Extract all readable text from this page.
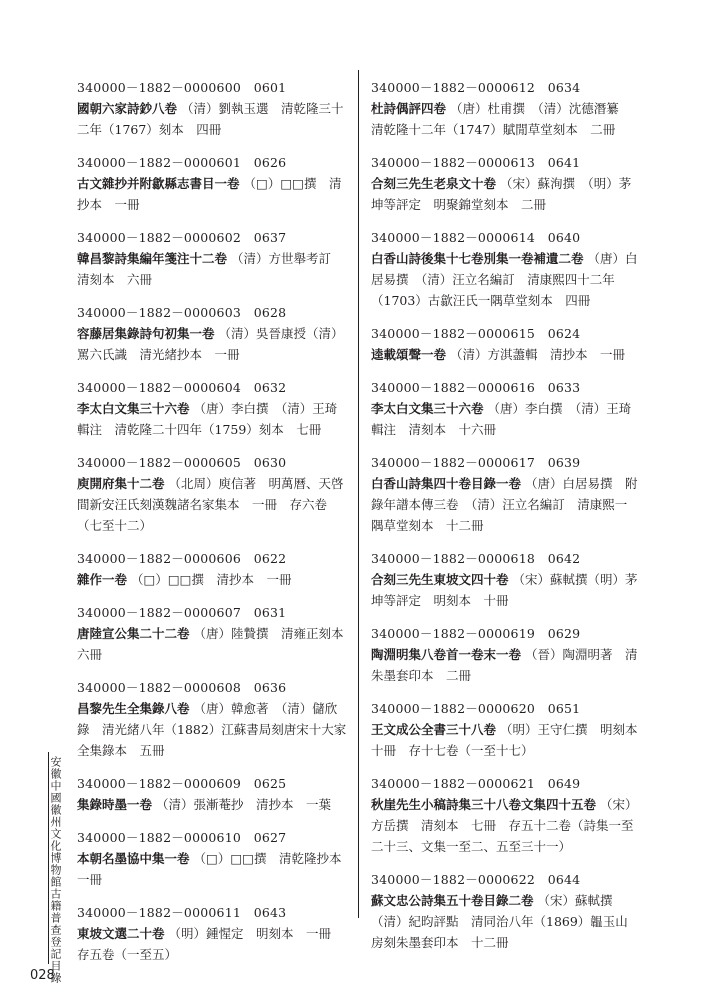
340000－1882－0000600　0601
國朝六家詩鈔八卷 （清）劉執玉選　清乾隆三十二年（1767）刻本　四冊
340000－1882－0000601　0626
古文雜抄并附歙縣志書目一卷 （□）□□撰　清抄本　一冊
340000－1882－0000602　0637
韓昌黎詩集編年箋注十二卷 （清）方世舉考訂　清刻本　六冊
340000－1882－0000603　0628
容藤居集錄詩句初集一卷 （清）吳晉康授（清）罵六氏識　清光緒抄本　一冊
340000－1882－0000604　0632
李太白文集三十六卷 （唐）李白撰　（清）王琦輯注　清乾隆二十四年（1759）刻本　七冊
340000－1882－0000605　0630
庾開府集十二卷 （北周）庾信著　明萬曆、天啓間新安汪氏刻漢魏諸名家集本　一冊　存六卷（七至十二）
340000－1882－0000606　0622
雜作一卷 （□）□□撰　清抄本　一冊
340000－1882－0000607　0631
唐陸宣公集二十二卷 （唐）陸贄撰　清雍正刻本　六冊
340000－1882－0000608　0636
昌黎先生全集錄八卷 （唐）韓愈著　（清）儲欣錄　清光緒八年（1882）江蘇書局刻唐宋十大家全集錄本　五冊
340000－1882－0000609　0625
集錄時墨一卷 （清）張漸菴抄　清抄本　一葉
340000－1882－0000610　0627
本朝名墨協中集一卷 （□）□□撰　清乾隆抄本　一冊
340000－1882－0000611　0643
東坡文選二十卷 （明）鍾惺定　明刻本　一冊　存五卷（一至五）
340000－1882－0000612　0634
杜詩偶評四卷 （唐）杜甫撰　（清）沈德潛纂　清乾隆十二年（1747）賦閒草堂刻本　二冊
340000－1882－0000613　0641
合刻三先生老泉文十卷 （宋）蘇洵撰　（明）茅坤等評定　明聚錦堂刻本　二冊
340000－1882－0000614　0640
白香山詩後集十七卷別集一卷補遺二卷 （唐）白居易撰　（清）汪立名編訂　清康熙四十二年（1703）古歙汪氏一隅草堂刻本　四冊
340000－1882－0000615　0624
逵載頌聲一卷 （清）方淇藎輯　清抄本　一冊
340000－1882－0000616　0633
李太白文集三十六卷 （唐）李白撰　（清）王琦輯注　清刻本　十六冊
340000－1882－0000617　0639
白香山詩集四十卷目錄一卷 （唐）白居易撰　附錄年譜本傳三卷　（清）汪立名編訂　清康熙一隅草堂刻本　十二冊
340000－1882－0000618　0642
合刻三先生東坡文四十卷 （宋）蘇軾撰（明）茅坤等評定　明刻本　十冊
340000－1882－0000619　0629
陶淵明集八卷首一卷末一卷 （晉）陶淵明著　清朱墨套印本　二冊
340000－1882－0000620　0651
王文成公全書三十八卷 （明）王守仁撰　明刻本　十冊　存十七卷（一至十七）
340000－1882－0000621　0649
秋崖先生小稿詩集三十八卷文集四十五卷 （宋）方岳撰　清刻本　七冊　存五十二卷（詩集一至二十三、文集一至二、五至三十一）
340000－1882－0000622　0644
蘇文忠公詩集五十卷目錄二卷 （宋）蘇軾撰（清）紀昀評點　清同治八年（1869）韞玉山房刻朱墨套印本　十二冊
安徽中國徽州文化博物館古籍普查登記目錄
028
